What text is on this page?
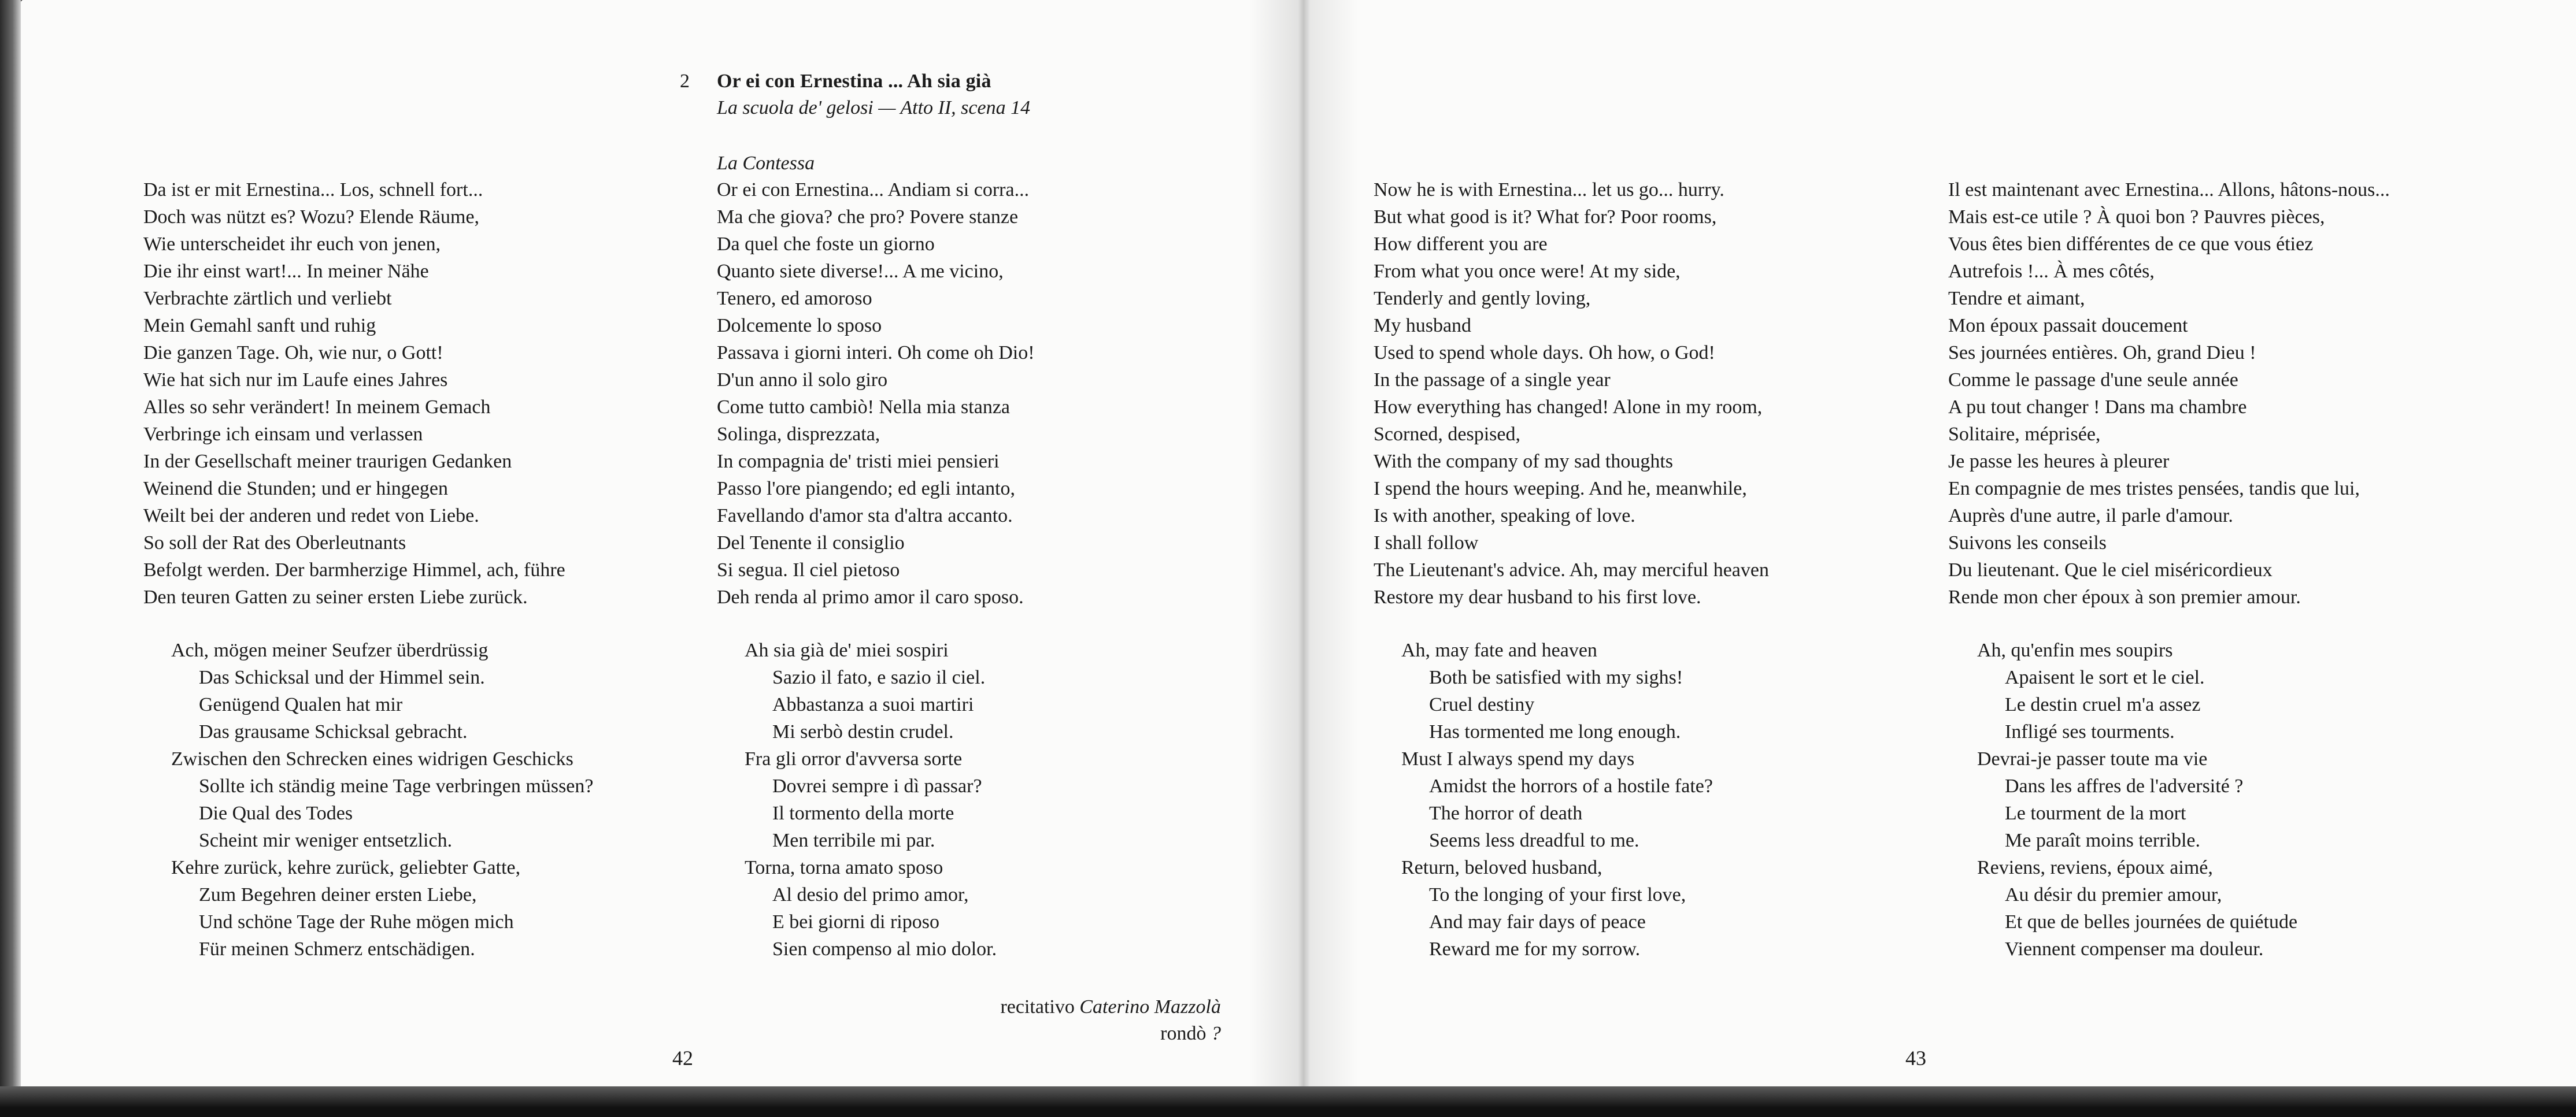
2 Or ei con Ernestina ... Ah sia già
La scuola de' gelosi — Atto II, scena 14
La Contessa
Da ist er mit Ernestina... Los, schnell fort...
Doch was nützt es? Wozu? Elende Räume,
Wie unterscheidet ihr euch von jenen,
Die ihr einst wart!... In meiner Nähe
Verbrachte zärtlich und verliebt
Mein Gemahl sanft und ruhig
Die ganzen Tage. Oh, wie nur, o Gott!
Wie hat sich nur im Laufe eines Jahres
Alles so sehr verändert! In meinem Gemach
Verbringe ich einsam und verlassen
In der Gesellschaft meiner traurigen Gedanken
Weinend die Stunden; und er hingegen
Weilt bei der anderen und redet von Liebe.
So soll der Rat des Oberleutnants
Befolgt werden. Der barmherzige Himmel, ach, führe
Den teuren Gatten zu seiner ersten Liebe zurück.
Or ei con Ernestina... Andiam si corra...
Ma che giova? che pro? Povere stanze
Da quel che foste un giorno
Quanto siete diverse!... A me vicino,
Tenero, ed amoroso
Dolcemente lo sposo
Passava i giorni interi. Oh come oh Dio!
D'un anno il solo giro
Come tutto cambiò! Nella mia stanza
Solinga, disprezzata,
In compagnia de' tristi miei pensieri
Passo l'ore piangendo; ed egli intanto,
Favellando d'amor sta d'altra accanto.
Del Tenente il consiglio
Si segua. Il ciel pietoso
Deh renda al primo amor il caro sposo.
Now he is with Ernestina... let us go... hurry.
But what good is it? What for? Poor rooms,
How different you are
From what you once were! At my side,
Tenderly and gently loving,
My husband
Used to spend whole days. Oh how, o God!
In the passage of a single year
How everything has changed! Alone in my room,
Scorned, despised,
With the company of my sad thoughts
I spend the hours weeping. And he, meanwhile,
Is with another, speaking of love.
I shall follow
The Lieutenant's advice. Ah, may merciful heaven
Restore my dear husband to his first love.
Il est maintenant avec Ernestina... Allons, hâtons-nous...
Mais est-ce utile ? À quoi bon ? Pauvres pièces,
Vous êtes bien différentes de ce que vous étiez
Autrefois !... À mes côtés,
Tendre et aimant,
Mon époux passait doucement
Ses journées entières. Oh, grand Dieu !
Comme le passage d'une seule année
A pu tout changer ! Dans ma chambre
Solitaire, méprisée,
Je passe les heures à pleurer
En compagnie de mes tristes pensées, tandis que lui,
Auprès d'une autre, il parle d'amour.
Suivons les conseils
Du lieutenant. Que le ciel miséricordieux
Rende mon cher époux à son premier amour.
Ach, mögen meiner Seufzer überdrüssig
Das Schicksal und der Himmel sein.
Genügend Qualen hat mir
Das grausame Schicksal gebracht.
Zwischen den Schrecken eines widrigen Geschicks
Sollte ich ständig meine Tage verbringen müssen?
Die Qual des Todes
Scheint mir weniger entsetzlich.
Kehre zurück, kehre zurück, geliebter Gatte,
Zum Begehren deiner ersten Liebe,
Und schöne Tage der Ruhe mögen mich
Für meinen Schmerz entschädigen.
Ah sia già de' miei sospiri
Sazio il fato, e sazio il ciel.
Abbastanza a suoi martiri
Mi serbò destin crudel.
Fra gli orror d'avversa sorte
Dovrei sempre i dì passar?
Il tormento della morte
Men terribile mi par.
Torna, torna amato sposo
Al desio del primo amor,
E bei giorni di riposo
Sien compenso al mio dolor.
Ah, may fate and heaven
Both be satisfied with my sighs!
Cruel destiny
Has tormented me long enough.
Must I always spend my days
Amidst the horrors of a hostile fate?
The horror of death
Seems less dreadful to me.
Return, beloved husband,
To the longing of your first love,
And may fair days of peace
Reward me for my sorrow.
Ah, qu'enfin mes soupirs
Apaisent le sort et le ciel.
Le destin cruel m'a assez
Infligé ses tourments.
Devrai-je passer toute ma vie
Dans les affres de l'adversité ?
Le tourment de la mort
Me paraît moins terrible.
Reviens, reviens, époux aimé,
Au désir du premier amour,
Et que de belles journées de quiétude
Viennent compenser ma douleur.
recitativo Caterino Mazzolà
rondò ?
42	43
